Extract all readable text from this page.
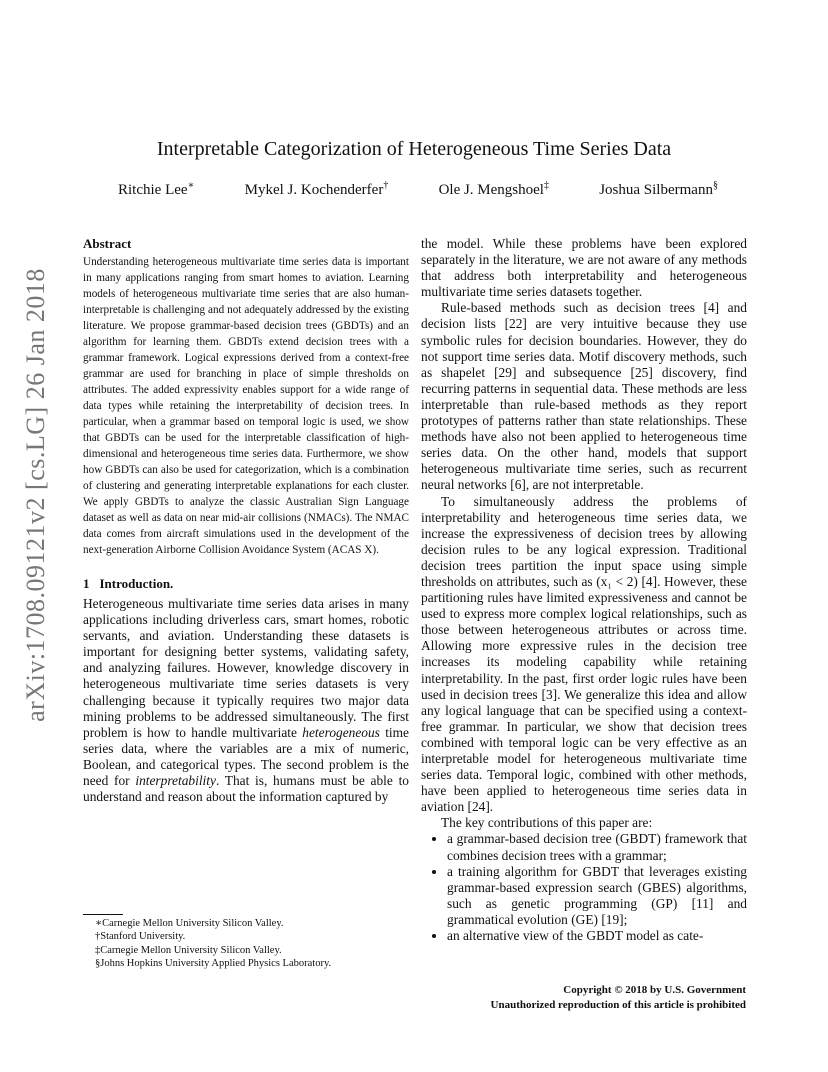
arXiv:1708.09121v2 [cs.LG] 26 Jan 2018
Interpretable Categorization of Heterogeneous Time Series Data
Ritchie Lee∗	Mykel J. Kochenderfer†	Ole J. Mengshoel‡	Joshua Silbermann§
Abstract

Understanding heterogeneous multivariate time series data is important in many applications ranging from smart homes to aviation. Learning models of heterogeneous multivariate time series that are also human-interpretable is challenging and not adequately addressed by the existing literature. We propose grammar-based decision trees (GBDTs) and an algorithm for learning them. GBDTs extend decision trees with a grammar framework. Logical expressions derived from a context-free grammar are used for branching in place of simple thresholds on attributes. The added expressivity enables support for a wide range of data types while retaining the interpretability of decision trees. In particular, when a grammar based on temporal logic is used, we show that GBDTs can be used for the interpretable classification of high-dimensional and heterogeneous time series data. Furthermore, we show how GBDTs can also be used for categorization, which is a combination of clustering and generating interpretable explanations for each cluster. We apply GBDTs to analyze the classic Australian Sign Language dataset as well as data on near mid-air collisions (NMACs). The NMAC data comes from aircraft simulations used in the development of the next-generation Airborne Collision Avoidance System (ACAS X).

1 Introduction.

Heterogeneous multivariate time series data arises in many applications including driverless cars, smart homes, robotic servants, and aviation. Understanding these datasets is important for designing better systems, validating safety, and analyzing failures. However, knowledge discovery in heterogeneous multivariate time series datasets is very challenging because it typically requires two major data mining problems to be addressed simultaneously. The first problem is how to handle multivariate heterogeneous time series data, where the variables are a mix of numeric, Boolean, and categorical types. The second problem is the need for interpretability. That is, humans must be able to understand and reason about the information captured by

∗Carnegie Mellon University Silicon Valley.

†Stanford University.

‡Carnegie Mellon University Silicon Valley.

§Johns Hopkins University Applied Physics Laboratory.

the model. While these problems have been explored separately in the literature, we are not aware of any methods that address both interpretability and heterogeneous multivariate time series datasets together.

Rule-based methods such as decision trees [4] and decision lists [22] are very intuitive because they use symbolic rules for decision boundaries. However, they do not support time series data. Motif discovery methods, such as shapelet [29] and subsequence [25] discovery, find recurring patterns in sequential data. These methods are less interpretable than rule-based methods as they report prototypes of patterns rather than state relationships. These methods have also not been applied to heterogeneous time series data. On the other hand, models that support heterogeneous multivariate time series, such as recurrent neural networks [6], are not interpretable.

To simultaneously address the problems of interpretability and heterogeneous time series data, we increase the expressiveness of decision trees by allowing decision rules to be any logical expression. Traditional decision trees partition the input space using simple thresholds on attributes, such as (x₁ < 2) [4]. However, these partitioning rules have limited expressiveness and cannot be used to express more complex logical relationships, such as those between heterogeneous attributes or across time. Allowing more expressive rules in the decision tree increases its modeling capability while retaining interpretability. In the past, first order logic rules have been used in decision trees [3]. We generalize this idea and allow any logical language that can be specified using a context-free grammar. In particular, we show that decision trees combined with temporal logic can be very effective as an interpretable model for heterogeneous multivariate time series data. Temporal logic, combined with other methods, have been applied to heterogeneous time series data in aviation [24].

The key contributions of this paper are:

• a grammar-based decision tree (GBDT) framework that combines decision trees with a grammar;
• a training algorithm for GBDT that leverages existing grammar-based expression search (GBES) algorithms, such as genetic programming (GP) [11] and grammatical evolution (GE) [19];
• an alternative view of the GBDT model as cate-
Copyright © 2018 by U.S. Government
Unauthorized reproduction of this article is prohibited
